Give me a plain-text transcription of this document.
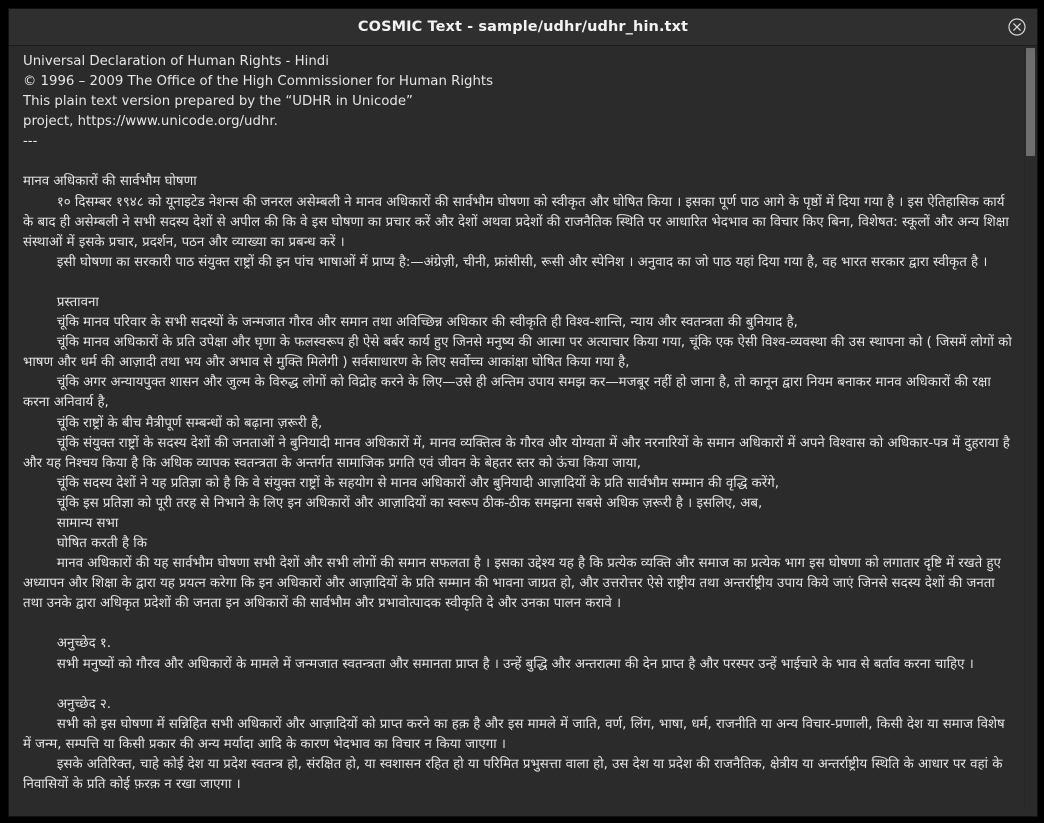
COSMIC Text - sample/udhr/udhr_hin.txt
Universal Declaration of Human Rights - Hindi
© 1996 – 2009 The Office of the High Commissioner for Human Rights
This plain text version prepared by the “UDHR in Unicode”
project, https://www.unicode.org/udhr.
---
मानव अधिकारों की सार्वभौम घोषणा
१० दिसम्बर १९४८ को यूनाइटेड नेशन्स की जनरल असेम्बली ने मानव अधिकारों की सार्वभौम घोषणा को स्वीकृत और घोषित किया । इसका पूर्ण पाठ आगे के पृष्ठों में दिया गया है । इस ऐतिहासिक कार्य के बाद ही असेम्बली ने सभी सदस्य देशों से अपील की कि वे इस घोषणा का प्रचार करें और देशों अथवा प्रदेशों की राजनैतिक स्थिति पर आधारित भेदभाव का विचार किए बिना, विशेषत: स्कूलों और अन्य शिक्षा संस्थाओं में इसके प्रचार, प्रदर्शन, पठन और व्याख्या का प्रबन्ध करें ।
इसी घोषणा का सरकारी पाठ संयुक्त राष्ट्रों की इन पांच भाषाओं में प्राप्य है:—अंग्रेज़ी, चीनी, फ्रांसीसी, रूसी और स्पेनिश । अनुवाद का जो पाठ यहां दिया गया है, वह भारत सरकार द्वारा स्वीकृत है ।
प्रस्तावना
चूंकि मानव परिवार के सभी सदस्यों के जन्मजात गौरव और समान तथा अविच्छिन्न अधिकार की स्वीकृति ही विश्व-शान्ति, न्याय और स्वतन्त्रता की बुनियाद है,
चूंकि मानव अधिकारों के प्रति उपेक्षा और घृणा के फलस्वरूप ही ऐसे बर्बर कार्य हुए जिनसे मनुष्य की आत्मा पर अत्याचार किया गया, चूंकि एक ऐसी विश्व-व्यवस्था की उस स्थापना को ( जिसमें लोगों को भाषण और धर्म की आज़ादी तथा भय और अभाव से मुक्ति मिलेगी ) सर्वसाधारण के लिए सर्वोच्च आकांक्षा घोषित किया गया है,
चूंकि अगर अन्यायपुक्त शासन और जुल्म के विरुद्ध लोगों को विद्रोह करने के लिए—उसे ही अन्तिम उपाय समझ कर—मजबूर नहीं हो जाना है, तो कानून द्वारा नियम बनाकर मानव अधिकारों की रक्षा करना अनिवार्य है,
चूंकि राष्ट्रों के बीच मैत्रीपूर्ण सम्बन्धों को बढ़ाना ज़रूरी है,
चूंकि संयुक्त राष्ट्रों के सदस्य देशों की जनताओं ने बुनियादी मानव अधिकारों में, मानव व्यक्तित्व के गौरव और योग्यता में और नरनारियों के समान अधिकारों में अपने विश्वास को अधिकार-पत्र में दुहराया है और यह निश्चय किया है कि अधिक व्यापक स्वतन्त्रता के अन्तर्गत सामाजिक प्रगति एवं जीवन के बेहतर स्तर को ऊंचा किया जाया,
चूंकि सदस्य देशों ने यह प्रतिज्ञा को है कि वे संयुक्त राष्ट्रों के सहयोग से मानव अधिकारों और बुनियादी आज़ादियों के प्रति सार्वभौम सम्मान की वृद्धि करेंगे,
चूंकि इस प्रतिज्ञा को पूरी तरह से निभाने के लिए इन अधिकारों और आज़ादियों का स्वरूप ठीक-ठीक समझना सबसे अधिक ज़रूरी है । इसलिए, अब,
सामान्य सभा
घोषित करती है कि
मानव अधिकारों की यह सार्वभौम घोषणा सभी देशों और सभी लोगों की समान सफलता है । इसका उद्देश्य यह है कि प्रत्येक व्यक्ति और समाज का प्रत्येक भाग इस घोषणा को लगातार दृष्टि में रखते हुए अध्यापन और शिक्षा के द्वारा यह प्रयत्न करेगा कि इन अधिकारों और आज़ादियों के प्रति सम्मान की भावना जाग्रत हो, और उत्तरोत्तर ऐसे राष्ट्रीय तथा अन्तर्राष्ट्रीय उपाय किये जाएं जिनसे सदस्य देशों की जनता तथा उनके द्वारा अधिकृत प्रदेशों की जनता इन अधिकारों की सार्वभौम और प्रभावोत्पादक स्वीकृति दे और उनका पालन करावे ।
अनुच्छेद १.
सभी मनुष्यों को गौरव और अधिकारों के मामले में जन्मजात स्वतन्त्रता और समानता प्राप्त है । उन्हें बुद्धि और अन्तरात्मा की देन प्राप्त है और परस्पर उन्हें भाईचारे के भाव से बर्ताव करना चाहिए ।
अनुच्छेद २.
सभी को इस घोषणा में सन्निहित सभी अधिकारों और आज़ादियों को प्राप्त करने का हक़ है और इस मामले में जाति, वर्ण, लिंग, भाषा, धर्म, राजनीति या अन्य विचार-प्रणाली, किसी देश या समाज विशेष में जन्म, सम्पत्ति या किसी प्रकार की अन्य मर्यादा आदि के कारण भेदभाव का विचार न किया जाएगा ।
इसके अतिरिक्त, चाहे कोई देश या प्रदेश स्वतन्त्र हो, संरक्षित हो, या स्वशासन रहित हो या परिमित प्रभुसत्ता वाला हो, उस देश या प्रदेश की राजनैतिक, क्षेत्रीय या अन्तर्राष्ट्रीय स्थिति के आधार पर वहां के निवासियों के प्रति कोई फ़रक़ न रखा जाएगा ।
